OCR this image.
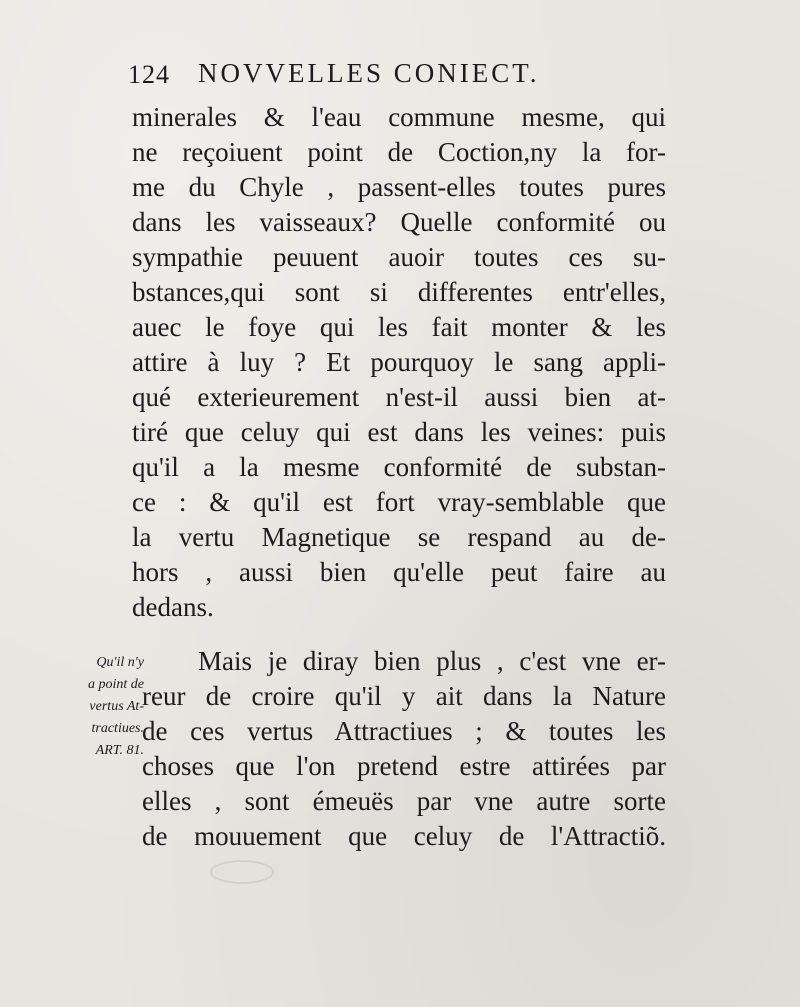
124 NOVVELLES CONIECT.
minerales & l'eau commune mesme, qui
ne reçoiuent point de Coction,ny la for-
me du Chyle , passent-elles toutes pures
dans les vaisseaux? Quelle conformité ou
sympathie peuuent auoir toutes ces su-
bstances,qui sont si differentes entr'elles,
auec le foye qui les fait monter & les
attire à luy ? Et pourquoy le sang appli-
qué exterieurement n'est-il aussi bien at-
tiré que celuy qui est dans les veines: puis
qu'il a la mesme conformité de substan-
ce : & qu'il est fort vray-semblable que
la vertu Magnetique se respand au de-
hors , aussi bien qu'elle peut faire au
dedans.
Qu'il n'y
a point de
vertus At-
tractiues.
ART. 81.
Mais je diray bien plus , c'est vne er-
reur de croire qu'il y ait dans la Nature
de ces vertus Attractiues ; & toutes les
choses que l'on pretend estre attirées par
elles , sont émeuës par vne autre sorte
de mouuement que celuy de l'Attractiõ.
